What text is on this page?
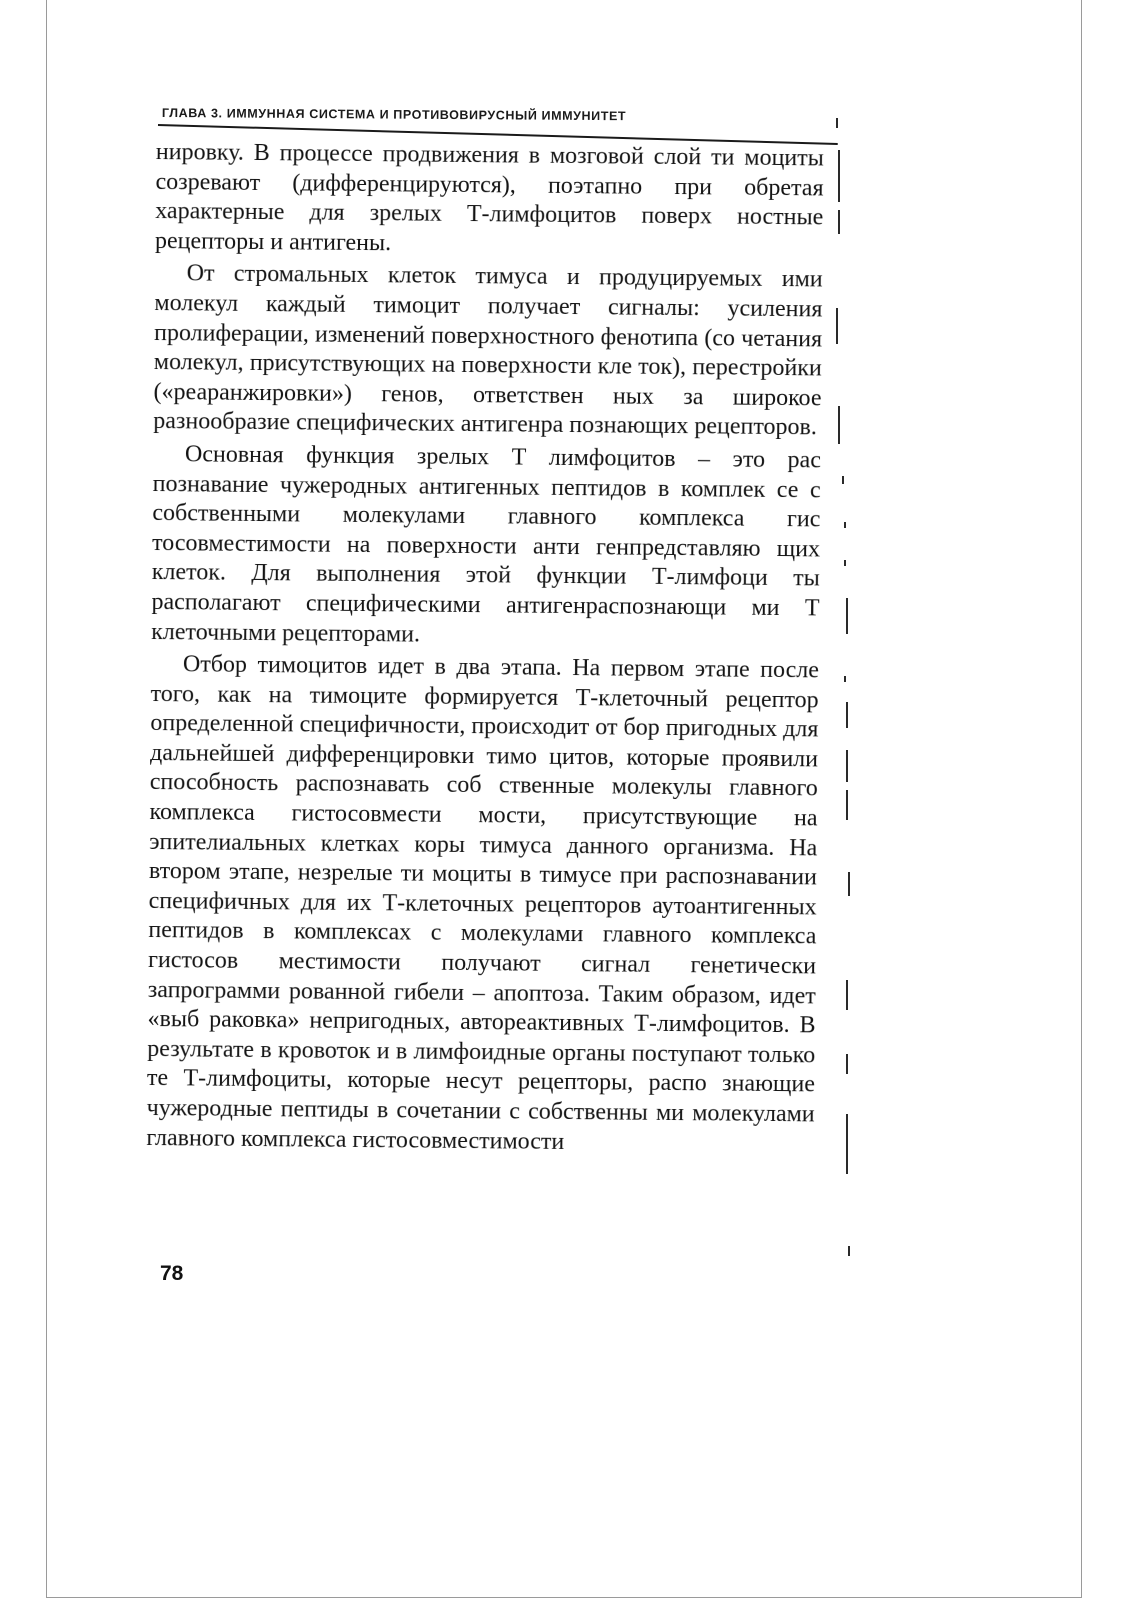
ГЛАВА 3. ИММУННАЯ СИСТЕМА И ПРОТИВОВИРУСНЫЙ ИММУНИТЕТ

нировку. В процессе продвижения в мозговой слой ти моциты созревают (дифференцируются), поэтапно при обретая характерные для зрелых Т-лимфоцитов поверх ностные рецепторы и антигены.

От стромальных клеток тимуса и продуцируемых ими молекул каждый тимоцит получает сигналы: усиления пролиферации, изменений поверхностного фенотипа (со четания молекул, присутствующих на поверхности кле ток), перестройки («реаранжировки») генов, ответствен ных за широкое разнообразие специфических антигенра познающих рецепторов.

Основная функция зрелых Т лимфоцитов – это рас познавание чужеродных антигенных пептидов в комплек се с собственными молекулами главного комплекса гис тосовместимости на поверхности анти генпредставляю щих клеток. Для выполнения этой функции Т-лимфоци ты располагают специфическими антигенраспознающи ми Т клеточными рецепторами.

Отбор тимоцитов идет в два этапа. На первом этапе после того, как на тимоците формируется Т-клеточный рецептор определенной специфичности, происходит от бор пригодных для дальнейшей дифференцировки тимо цитов, которые проявили способность распознавать соб ственные молекулы главного комплекса гистосовмести мости, присутствующие на эпителиальных клетках коры тимуса данного организма. На втором этапе, незрелые ти моциты в тимусе при распознавании специфичных для их Т-клеточных рецепторов аутоантигенных пептидов в комплексах с молекулами главного комплекса гистосов местимости получают сигнал генетически запрограмми рованной гибели – апоптоза. Таким образом, идет «выб раковка» непригодных, автореактивных Т-лимфоцитов. В результате в кровоток и в лимфоидные органы поступают только те Т-лимфоциты, которые несут рецепторы, распо знающие чужеродные пептиды в сочетании с собственны ми молекулами главного комплекса гистосовместимости

78
